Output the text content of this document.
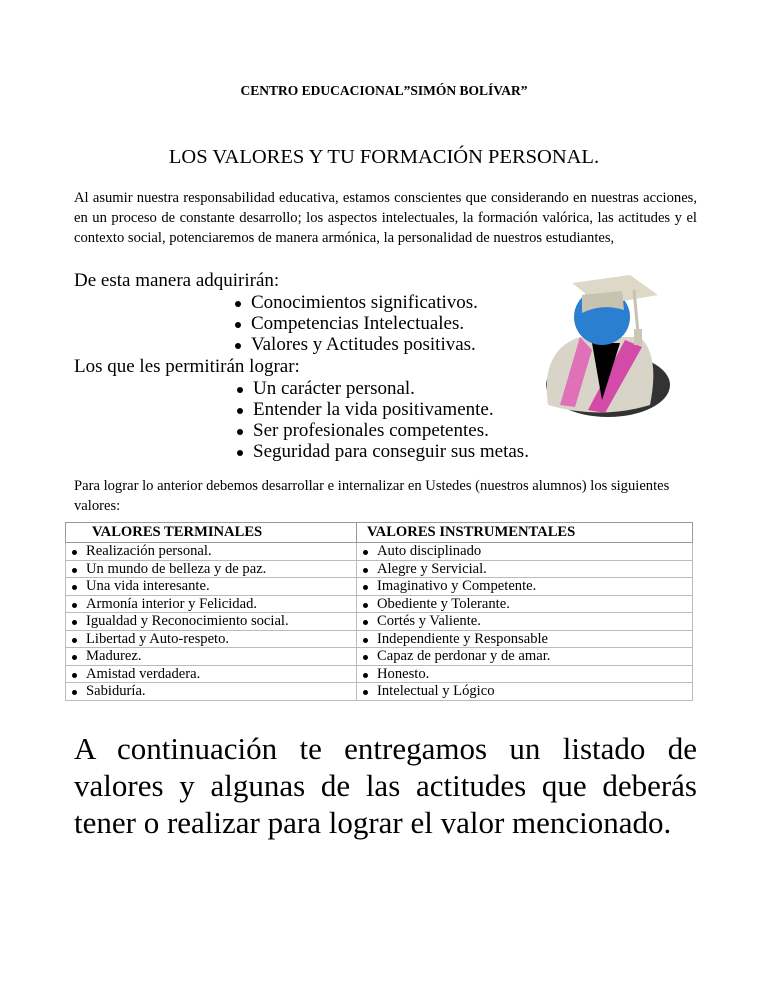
CENTRO EDUCACIONAL”SIMÓN BOLÍVAR”
LOS VALORES Y TU FORMACIÓN PERSONAL.
Al asumir nuestra responsabilidad educativa, estamos conscientes que considerando en nuestras acciones, en un proceso de constante desarrollo; los aspectos intelectuales, la formación valórica, las actitudes y el contexto social, potenciaremos de manera armónica, la personalidad de nuestros estudiantes,
De esta manera adquirirán:
Conocimientos significativos.
Competencias Intelectuales.
Valores y Actitudes positivas.
Los que les permitirán lograr:
Un carácter personal.
Entender la vida positivamente.
Ser profesionales competentes.
Seguridad para conseguir sus metas.
Para lograr lo anterior debemos desarrollar e internalizar en Ustedes (nuestros alumnos) los siguientes valores:
VALORES TERMINALES	VALORES INSTRUMENTALES
Realización personal.	Auto disciplinado
Un mundo de belleza y de paz.	Alegre y Servicial.
Una vida interesante.	Imaginativo y Competente.
Armonía interior y Felicidad.	Obediente y Tolerante.
Igualdad y Reconocimiento social.	Cortés y Valiente.
Libertad y Auto-respeto.	Independiente y Responsable
Madurez.	Capaz de perdonar y de amar.
Amistad verdadera.	Honesto.
Sabiduría.	Intelectual y Lógico
A continuación te entregamos un listado de valores y algunas de las actitudes que deberás tener o realizar para lograr el valor mencionado.
